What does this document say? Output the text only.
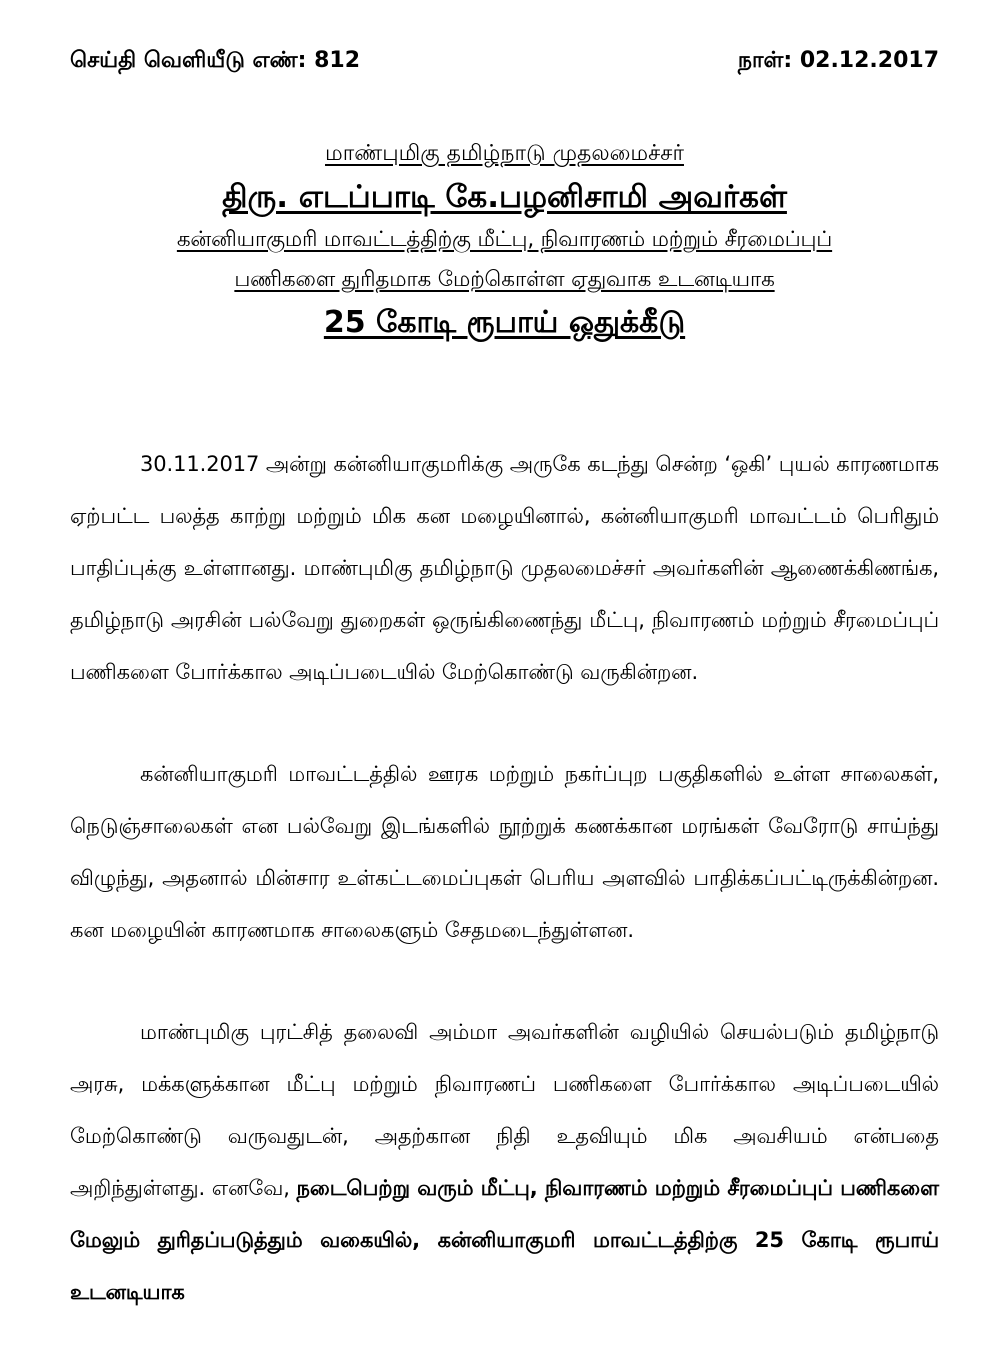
செய்தி வெளியீடு எண்: 812	நாள்: 02.12.2017
மாண்புமிகு தமிழ்நாடு முதலமைச்சர்
திரு. எடப்பாடி கே.பழனிசாமி அவர்கள்
கன்னியாகுமரி மாவட்டத்திற்கு மீட்பு, நிவாரணம் மற்றும் சீரமைப்புப்
பணிகளை துரிதமாக மேற்கொள்ள ஏதுவாக உடனடியாக
25 கோடி ரூபாய் ஒதுக்கீடு

30.11.2017 அன்று கன்னியாகுமரிக்கு அருகே கடந்து சென்ற ‘ஒகி’ புயல் காரணமாக ஏற்பட்ட பலத்த காற்று மற்றும் மிக கன மழையினால், கன்னியாகுமரி மாவட்டம் பெரிதும் பாதிப்புக்கு உள்ளானது. மாண்புமிகு தமிழ்நாடு முதலமைச்சர் அவர்களின் ஆணைக்கிணங்க, தமிழ்நாடு அரசின் பல்வேறு துறைகள் ஒருங்கிணைந்து மீட்பு, நிவாரணம் மற்றும் சீரமைப்புப் பணிகளை போர்க்கால அடிப்படையில் மேற்கொண்டு வருகின்றன.

கன்னியாகுமரி மாவட்டத்தில் ஊரக மற்றும் நகர்ப்புற பகுதிகளில் உள்ள சாலைகள், நெடுஞ்சாலைகள் என பல்வேறு இடங்களில் நூற்றுக் கணக்கான மரங்கள் வேரோடு சாய்ந்து விழுந்து, அதனால் மின்சார உள்கட்டமைப்புகள் பெரிய அளவில் பாதிக்கப்பட்டிருக்கின்றன. கன மழையின் காரணமாக சாலைகளும் சேதமடைந்துள்ளன.

மாண்புமிகு புரட்சித் தலைவி அம்மா அவர்களின் வழியில் செயல்படும் தமிழ்நாடு அரசு, மக்களுக்கான மீட்பு மற்றும் நிவாரணப் பணிகளை போர்க்கால அடிப்படையில் மேற்கொண்டு வருவதுடன், அதற்கான நிதி உதவியும் மிக அவசியம் என்பதை அறிந்துள்ளது. எனவே, நடைபெற்று வரும் மீட்பு, நிவாரணம் மற்றும் சீரமைப்புப் பணிகளை மேலும் துரிதப்படுத்தும் வகையில், கன்னியாகுமரி மாவட்டத்திற்கு 25 கோடி ரூபாய் உடனடியாக
